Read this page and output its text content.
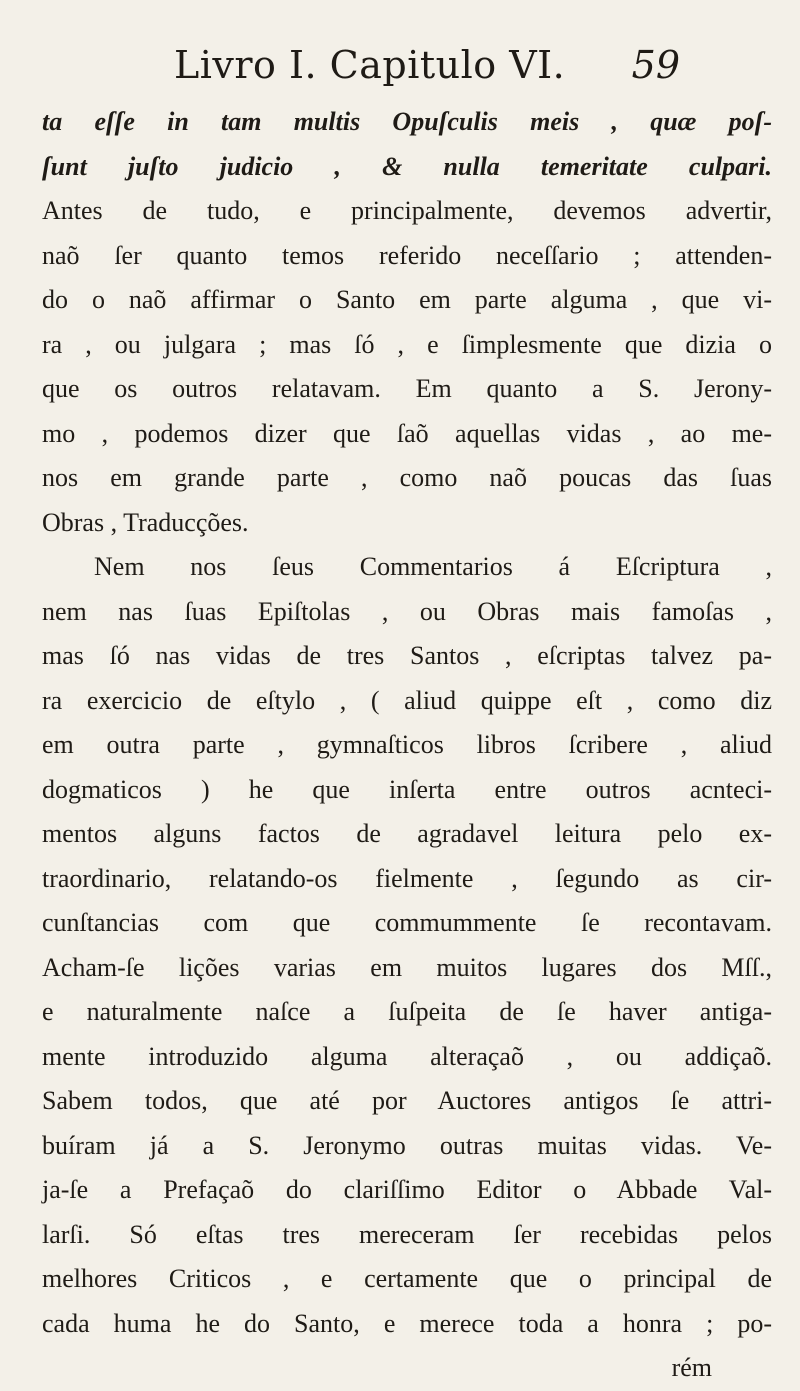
Livro I. Capitulo VI. 59
ta eſſe in tam multis Opuſculis meis , quæ poſ-
ſunt juſto judicio , & nulla temeritate culpari.
Antes de tudo, e principalmente, devemos advertir,
naõ ſer quanto temos referido neceſſario ; attenden-
do o naõ affirmar o Santo em parte alguma , que vi-
ra , ou julgara ; mas ſó , e ſimplesmente que dizia o
que os outros relatavam. Em quanto a S. Jerony-
mo , podemos dizer que ſaõ aquellas vidas , ao me-
nos em grande parte , como naõ poucas das ſuas
Obras , Traducções.
Nem nos ſeus Commentarios á Eſcriptura ,
nem nas ſuas Epiſtolas , ou Obras mais famoſas ,
mas ſó nas vidas de tres Santos , eſcriptas talvez pa-
ra exercicio de eſtylo , ( aliud quippe eſt , como diz
em outra parte , gymnaſticos libros ſcribere , aliud
dogmaticos ) he que inſerta entre outros acnteci-
mentos alguns factos de agradavel leitura pelo ex-
traordinario, relatando-os fielmente , ſegundo as cir-
cunſtancias com que commummente ſe recontavam.
Acham-ſe lições varias em muitos lugares dos Mſſ.,
e naturalmente naſce a ſuſpeita de ſe haver antiga-
mente introduzido alguma alteraçaõ , ou addiçaõ.
Sabem todos, que até por Auctores antigos ſe attri-
buíram já a S. Jeronymo outras muitas vidas. Ve-
ja-ſe a Prefaçaõ do clariſſimo Editor o Abbade Val-
larſi. Só eſtas tres mereceram ſer recebidas pelos
melhores Criticos , e certamente que o principal de
cada huma he do Santo, e merece toda a honra ; po-
rém
